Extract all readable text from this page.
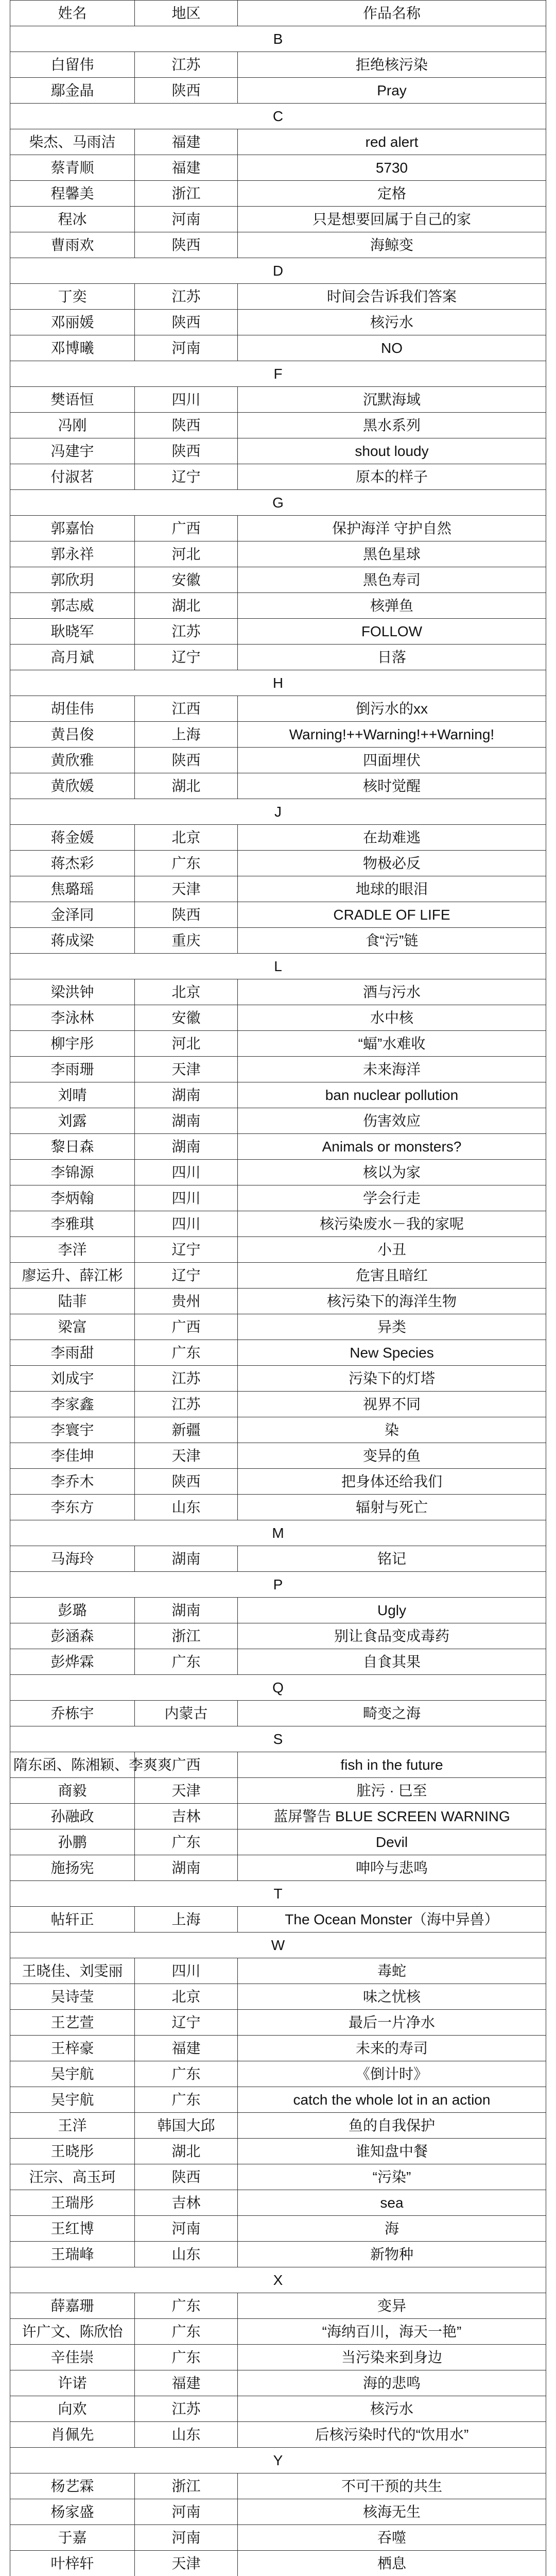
姓名	地区	作品名称
B		
白留伟	江苏	拒绝核污染
鄢金晶	陕西	Pray
C		
柴杰、马雨洁	福建	red alert
蔡青顺	福建	5730
程馨美	浙江	定格
程冰	河南	只是想要回属于自己的家
曹雨欢	陕西	海鲸变
D		
丁奕	江苏	时间会告诉我们答案
邓丽媛	陕西	核污水
邓博曦	河南	NO
F		
樊语恒	四川	沉默海域
冯刚	陕西	黑水系列
冯建宇	陕西	shout loudy
付淑茗	辽宁	原本的样子
G		
郭嘉怡	广西	保护海洋 守护自然
郭永祥	河北	黑色星球
郭欣玥	安徽	黑色寿司
郭志威	湖北	核弹鱼
耿晓军	江苏	FOLLOW
高月斌	辽宁	日落
H		
胡佳伟	江西	倒污水的xx
黄吕俊	上海	Warning!++Warning!++Warning!
黄欣雅	陕西	四面埋伏
黄欣媛	湖北	核时觉醒
J		
蒋金媛	北京	在劫难逃
蒋杰彩	广东	物极必反
焦璐瑶	天津	地球的眼泪
金泽同	陕西	CRADLE OF LIFE
蒋成梁	重庆	食“污”链
L		
梁洪钟	北京	酒与污水
李泳林	安徽	水中核
柳宇彤	河北	“蝠”水难收
李雨珊	天津	未来海洋
刘晴	湖南	ban nuclear pollution
刘露	湖南	伤害效应
黎日森	湖南	Animals or monsters?
李锦源	四川	核以为家
李炳翰	四川	学会行走
李雅琪	四川	核污染废水－我的家呢
李洋	辽宁	小丑
廖运升、薛江彬	辽宁	危害且暗红
陆菲	贵州	核污染下的海洋生物
梁富	广西	异类
李雨甜	广东	New Species
刘成宇	江苏	污染下的灯塔
李家鑫	江苏	视界不同
李寰宇	新疆	染
李佳坤	天津	变异的鱼
李乔木	陕西	把身体还给我们
李东方	山东	辐射与死亡
M		
马海玲	湖南	铭记
P		
彭璐	湖南	Ugly
彭涵森	浙江	别让食品变成毒药
彭烨霖	广东	自食其果
Q		
乔栋宇	内蒙古	畸变之海
S		
隋东函、陈湘颖、李爽爽	广西	fish in the future
商毅	天津	脏污 · 巳至
孙融政	吉林	蓝屏警告 BLUE SCREEN WARNING
孙鹏	广东	Devil
施扬宪	湖南	呻吟与悲鸣
T		
帖轩正	上海	The Ocean Monster（海中异兽）
W		
王晓佳、刘雯丽	四川	毒蛇
吴诗莹	北京	味之忧核
王艺萱	辽宁	最后一片净水
王梓豪	福建	未来的寿司
吴宇航	广东	《倒计时》
吴宇航	广东	catch the whole lot in an action
王洋	韩国大邱	鱼的自我保护
王晓彤	湖北	谁知盘中餐
汪宗、高玉珂	陕西	“污染”
王瑞彤	吉林	sea
王红博	河南	海
王瑞峰	山东	新物种
X		
薛嘉珊	广东	变异
许广文、陈欣怡	广东	“海纳百川，海天一艳”
辛佳崇	广东	当污染来到身边
许诺	福建	海的悲鸣
向欢	江苏	核污水
肖佩先	山东	后核污染时代的“饮用水”
Y		
杨艺霖	浙江	不可干预的共生
杨家盛	河南	核海无生
于嘉	河南	吞噬
叶梓轩	天津	栖息
